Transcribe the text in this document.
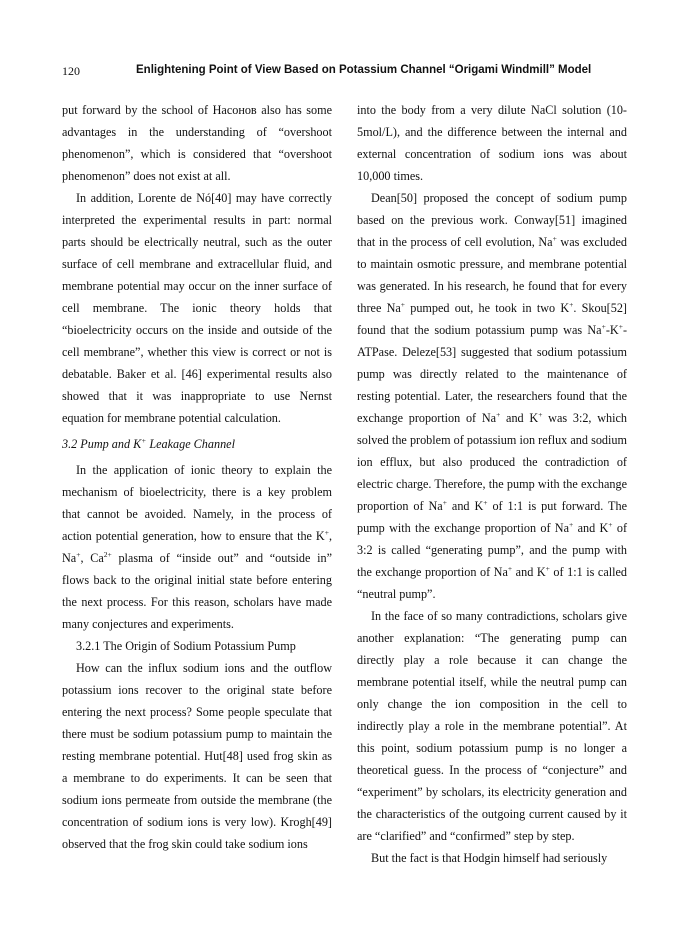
120	Enlightening Point of View Based on Potassium Channel “Origami Windmill” Model

put forward by the school of Насонов also has some advantages in the understanding of “overshoot phenomenon”, which is considered that “overshoot phenomenon” does not exist at all.

In addition, Lorente de Nó[40] may have correctly interpreted the experimental results in part: normal parts should be electrically neutral, such as the outer surface of cell membrane and extracellular fluid, and membrane potential may occur on the inner surface of cell membrane. The ionic theory holds that “bioelectricity occurs on the inside and outside of the cell membrane”, whether this view is correct or not is debatable. Baker et al. [46] experimental results also showed that it was inappropriate to use Nernst equation for membrane potential calculation.

3.2 Pump and K+ Leakage Channel

In the application of ionic theory to explain the mechanism of bioelectricity, there is a key problem that cannot be avoided. Namely, in the process of action potential generation, how to ensure that the K+, Na+, $Ca^{2+}$ plasma of “inside out” and “outside in” flows back to the original initial state before entering the next process. For this reason, scholars have made many conjectures and experiments.

3.2.1 The Origin of Sodium Potassium Pump

How can the influx sodium ions and the outflow potassium ions recover to the original state before entering the next process? Some people speculate that there must be sodium potassium pump to maintain the resting membrane potential. Hut[48] used frog skin as a membrane to do experiments. It can be seen that sodium ions permeate from outside the membrane (the concentration of sodium ions is very low). Krogh[49] observed that the frog skin could take sodium ions

into the body from a very dilute NaCl solution (10-5mol/L), and the difference between the internal and external concentration of sodium ions was about 10,000 times.

Dean[50] proposed the concept of sodium pump based on the previous work. Conway[51] imagined that in the process of cell evolution, Na+ was excluded to maintain osmotic pressure, and membrane potential was generated. In his research, he found that for every three Na+ pumped out, he took in two K+. Skou[52] found that the sodium potassium pump was Na+-K+-ATPase. Deleze[53] suggested that sodium potassium pump was directly related to the maintenance of resting potential. Later, the researchers found that the exchange proportion of Na+ and K+ was 3:2, which solved the problem of potassium ion reflux and sodium ion efflux, but also produced the contradiction of electric charge. Therefore, the pump with the exchange proportion of Na+ and K+ of 1:1 is put forward. The pump with the exchange proportion of Na+ and K+ of 3:2 is called “generating pump”, and the pump with the exchange proportion of Na+ and K+ of 1:1 is called “neutral pump”.

In the face of so many contradictions, scholars give another explanation: “The generating pump can directly play a role because it can change the membrane potential itself, while the neutral pump can only change the ion composition in the cell to indirectly play a role in the membrane potential”. At this point, sodium potassium pump is no longer a theoretical guess. In the process of “conjecture” and “experiment” by scholars, its electricity generation and the characteristics of the outgoing current caused by it are “clarified” and “confirmed” step by step.

But the fact is that Hodgin himself had seriously
